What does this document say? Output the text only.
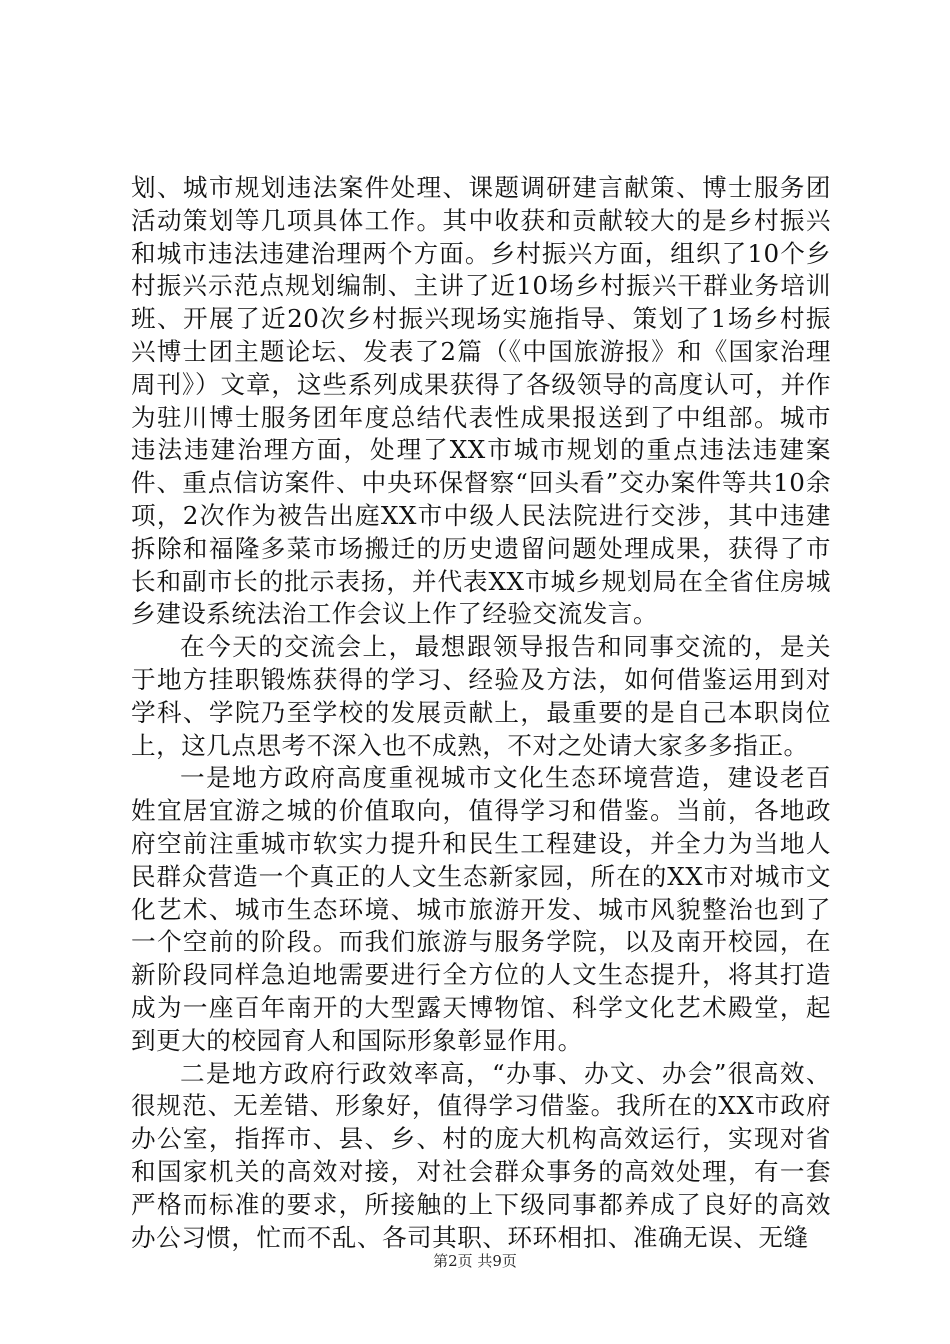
划、城市规划违法案件处理、课题调研建言献策、博士服务团活动策划等几项具体工作。其中收获和贡献较大的是乡村振兴和城市违法违建治理两个方面。乡村振兴方面，组织了10个乡村振兴示范点规划编制、主讲了近10场乡村振兴干群业务培训班、开展了近20次乡村振兴现场实施指导、策划了1场乡村振兴博士团主题论坛、发表了2篇（《中国旅游报》和《国家治理周刊》）文章，这些系列成果获得了各级领导的高度认可，并作为驻川博士服务团年度总结代表性成果报送到了中组部。城市违法违建治理方面，处理了XX市城市规划的重点违法违建案件、重点信访案件、中央环保督察“回头看”交办案件等共10余项，2次作为被告出庭XX市中级人民法院进行交涉，其中违建拆除和福隆多菜市场搬迁的历史遗留问题处理成果，获得了市长和副市长的批示表扬，并代表XX市城乡规划局在全省住房城乡建设系统法治工作会议上作了经验交流发言。

在今天的交流会上，最想跟领导报告和同事交流的，是关于地方挂职锻炼获得的学习、经验及方法，如何借鉴运用到对学科、学院乃至学校的发展贡献上，最重要的是自己本职岗位上，这几点思考不深入也不成熟，不对之处请大家多多指正。

一是地方政府高度重视城市文化生态环境营造，建设老百姓宜居宜游之城的价值取向，值得学习和借鉴。当前，各地政府空前注重城市软实力提升和民生工程建设，并全力为当地人民群众营造一个真正的人文生态新家园，所在的XX市对城市文化艺术、城市生态环境、城市旅游开发、城市风貌整治也到了一个空前的阶段。而我们旅游与服务学院，以及南开校园，在新阶段同样急迫地需要进行全方位的人文生态提升，将其打造成为一座百年南开的大型露天博物馆、科学文化艺术殿堂，起到更大的校园育人和国际形象彰显作用。

二是地方政府行政效率高，“办事、办文、办会”很高效、很规范、无差错、形象好，值得学习借鉴。我所在的XX市政府办公室，指挥市、县、乡、村的庞大机构高效运行，实现对省和国家机关的高效对接，对社会群众事务的高效处理，有一套严格而标准的要求，所接触的上下级同事都养成了良好的高效办公习惯，忙而不乱、各司其职、环环相扣、准确无误、无缝

第2页 共9页
